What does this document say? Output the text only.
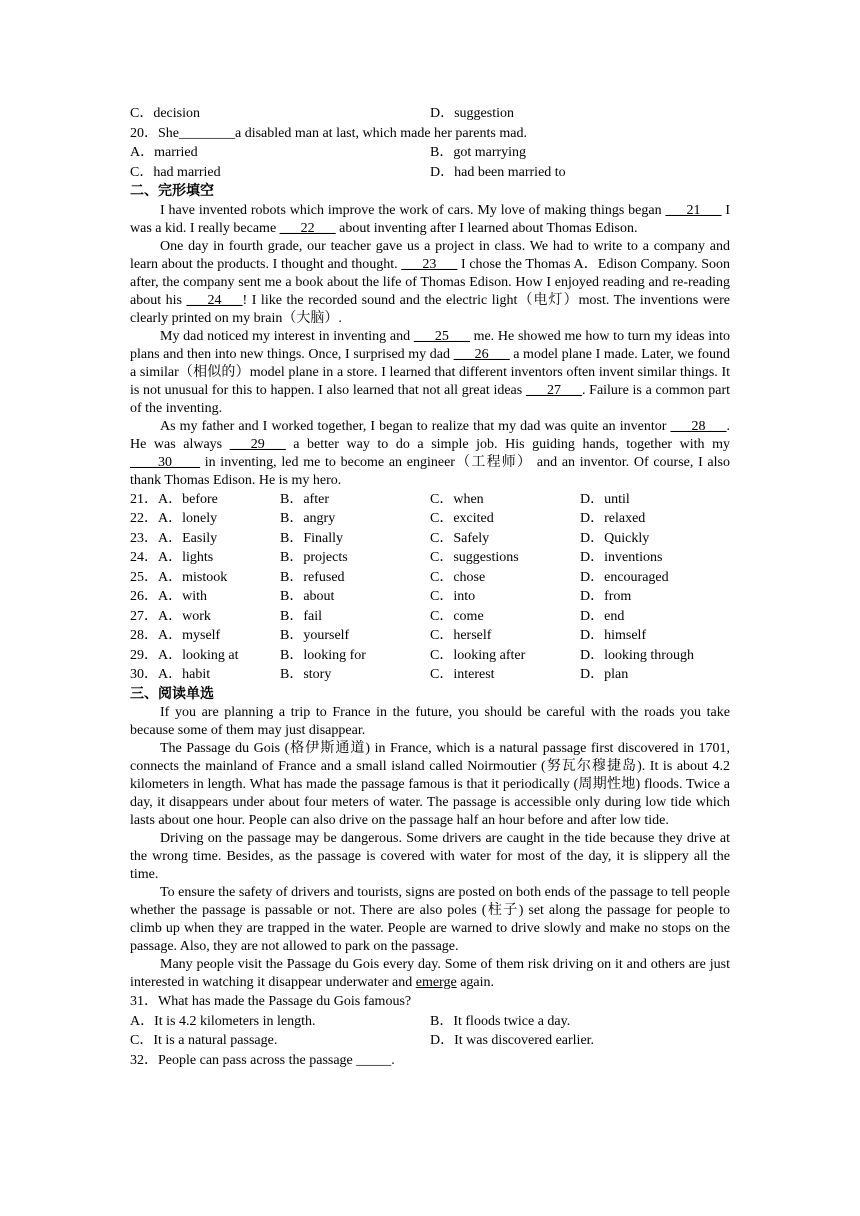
C．decision	D．suggestion
20．She________a disabled man at last, which made her parents mad.
A．married	B．got marrying
C．had married	D．had been married to
二、完形填空
I have invented robots which improve the work of cars. My love of making things began ___21___ I was a kid. I really became ___22___ about inventing after I learned about Thomas Edison.
One day in fourth grade, our teacher gave us a project in class. We had to write to a company and learn about the products. I thought and thought. ___23___ I chose the Thomas A．Edison Company. Soon after, the company sent me a book about the life of Thomas Edison. How I enjoyed reading and re-reading about his ___24___! I like the recorded sound and the electric light（电灯）most. The inventions were clearly printed on my brain（大脑）.
My dad noticed my interest in inventing and ___25___ me. He showed me how to turn my ideas into plans and then into new things. Once, I surprised my dad ___26___ a model plane I made. Later, we found a similar（相似的）model plane in a store. I learned that different inventors often invent similar things. It is not unusual for this to happen. I also learned that not all great ideas ___27___. Failure is a common part of the inventing.
As my father and I worked together, I began to realize that my dad was quite an inventor ___28___. He was always ___29___ a better way to do a simple job. His guiding hands, together with my ____30____ in inventing, led me to become an engineer（工程师） and an inventor. Of course, I also thank Thomas Edison. He is my hero.
21．A．before	B．after	C．when	D．until
22．A．lonely	B．angry	C．excited	D．relaxed
23．A．Easily	B．Finally	C．Safely	D．Quickly
24．A．lights	B．projects	C．suggestions	D．inventions
25．A．mistook	B．refused	C．chose	D．encouraged
26．A．with	B．about	C．into	D．from
27．A．work	B．fail	C．come	D．end
28．A．myself	B．yourself	C．herself	D．himself
29．A．looking at	B．looking for	C．looking after	D．looking through
30．A．habit	B．story	C．interest	D．plan
三、阅读单选
If you are planning a trip to France in the future, you should be careful with the roads you take because some of them may just disappear.
The Passage du Gois (格伊斯通道) in France, which is a natural passage first discovered in 1701, connects the mainland of France and a small island called Noirmoutier (努瓦尔穆捷岛). It is about 4.2 kilometers in length. What has made the passage famous is that it periodically (周期性地) floods. Twice a day, it disappears under about four meters of water. The passage is accessible only during low tide which lasts about one hour. People can also drive on the passage half an hour before and after low tide.
Driving on the passage may be dangerous. Some drivers are caught in the tide because they drive at the wrong time. Besides, as the passage is covered with water for most of the day, it is slippery all the time.
To ensure the safety of drivers and tourists, signs are posted on both ends of the passage to tell people whether the passage is passable or not. There are also poles (柱子) set along the passage for people to climb up when they are trapped in the water. People are warned to drive slowly and make no stops on the passage. Also, they are not allowed to park on the passage.
Many people visit the Passage du Gois every day. Some of them risk driving on it and others are just interested in watching it disappear underwater and emerge again.
31．What has made the Passage du Gois famous?
A．It is 4.2 kilometers in length.	B．It floods twice a day.
C．It is a natural passage.	D．It was discovered earlier.
32．People can pass across the passage _____.
